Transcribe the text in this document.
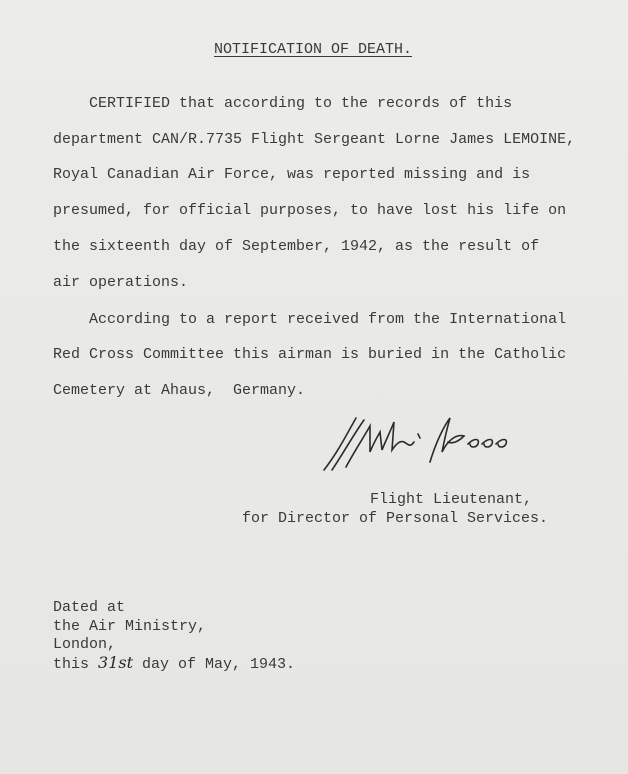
NOTIFICATION OF DEATH.
CERTIFIED that according to the records of this
department CAN/R.7735 Flight Sergeant Lorne James LEMOINE,
Royal Canadian Air Force, was reported missing and is
presumed, for official purposes, to have lost his life on
the sixteenth day of September, 1942, as the result of
air operations.
According to a report received from the International
Red Cross Committee this airman is buried in the Catholic
Cemetery at Ahaus,  Germany.
Flight Lieutenant,
for Director of Personal Services.
Dated at
the Air Ministry,
London,
this 31st day of May, 1943.
